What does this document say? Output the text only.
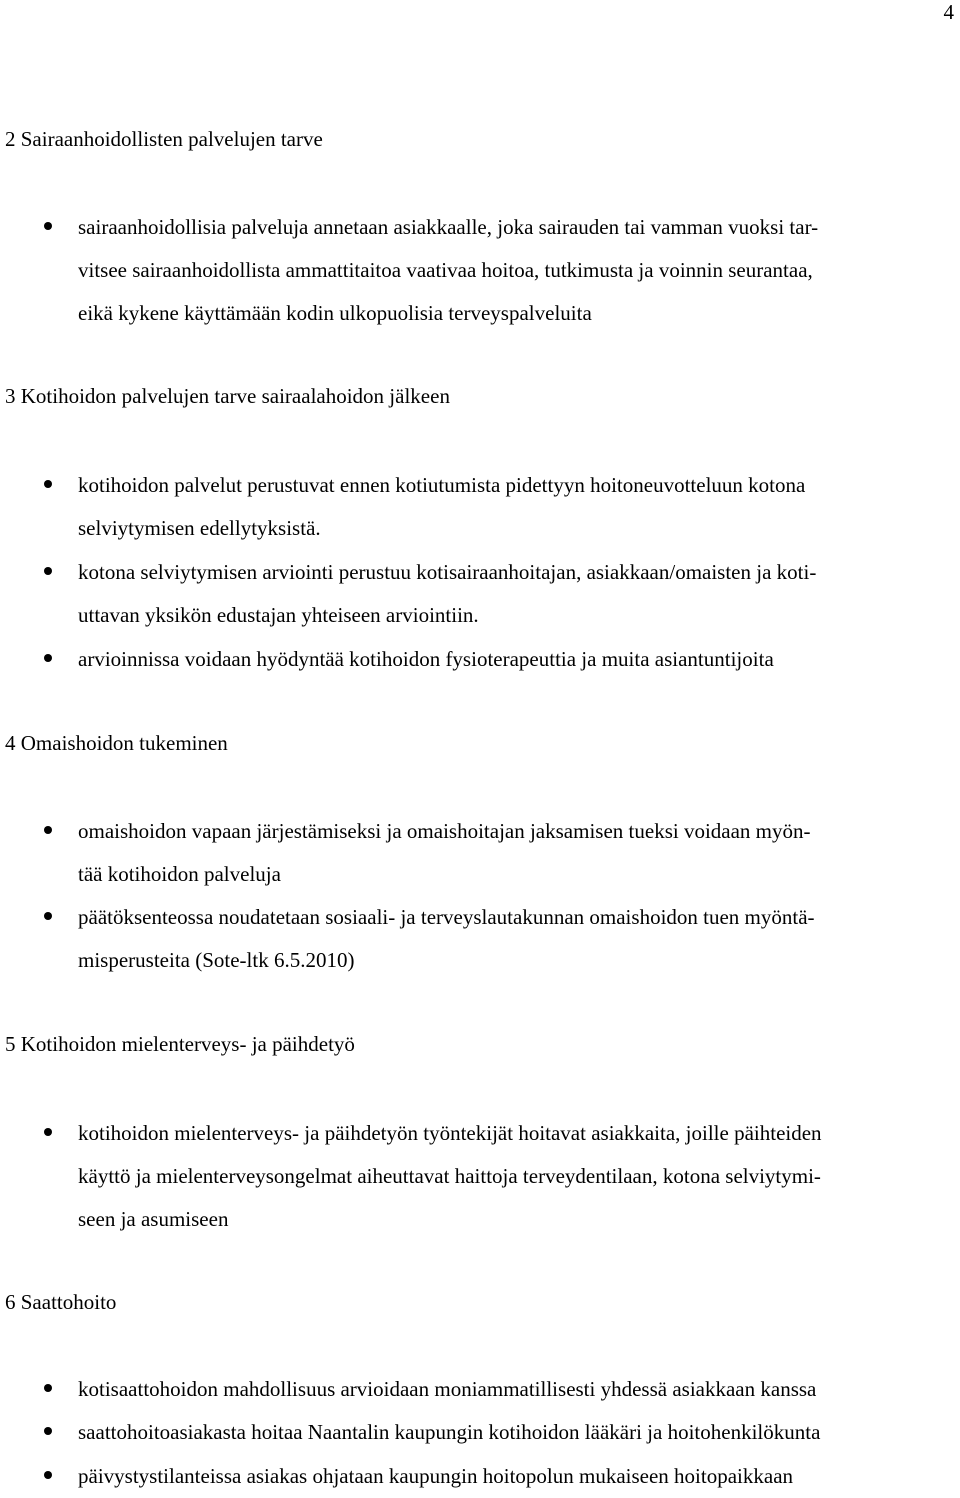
4
2 Sairaanhoidollisten palvelujen tarve
sairaanhoidollisia palveluja annetaan asiakkaalle, joka sairauden tai vamman vuoksi tar-
vitsee sairaanhoidollista ammattitaitoa vaativaa hoitoa, tutkimusta ja voinnin seurantaa,
eikä kykene käyttämään kodin ulkopuolisia terveyspalveluita
3 Kotihoidon palvelujen tarve sairaalahoidon jälkeen
kotihoidon palvelut perustuvat ennen kotiutumista pidettyyn hoitoneuvotteluun kotona
selviytymisen edellytyksistä.
kotona selviytymisen arviointi perustuu kotisairaanhoitajan, asiakkaan/omaisten ja koti-
uttavan yksikön edustajan yhteiseen arviointiin.
arvioinnissa voidaan hyödyntää kotihoidon fysioterapeuttia ja muita asiantuntijoita
4 Omaishoidon tukeminen
omaishoidon vapaan järjestämiseksi ja omaishoitajan jaksamisen tueksi voidaan myön-
tää kotihoidon palveluja
päätöksenteossa noudatetaan sosiaali- ja terveyslautakunnan omaishoidon tuen myöntä-
misperusteita (Sote-ltk 6.5.2010)
5 Kotihoidon mielenterveys- ja päihdetyö
kotihoidon mielenterveys- ja päihdetyön työntekijät hoitavat asiakkaita, joille päihteiden
käyttö ja mielenterveysongelmat aiheuttavat haittoja terveydentilaan, kotona selviytymi-
seen ja asumiseen
6 Saattohoito
kotisaattohoidon mahdollisuus arvioidaan moniammatillisesti yhdessä asiakkaan kanssa
saattohoitoasiakasta hoitaa Naantalin kaupungin kotihoidon lääkäri ja hoitohenkilökunta
päivystystilanteissa asiakas ohjataan kaupungin hoitopolun mukaiseen hoitopaikkaan
